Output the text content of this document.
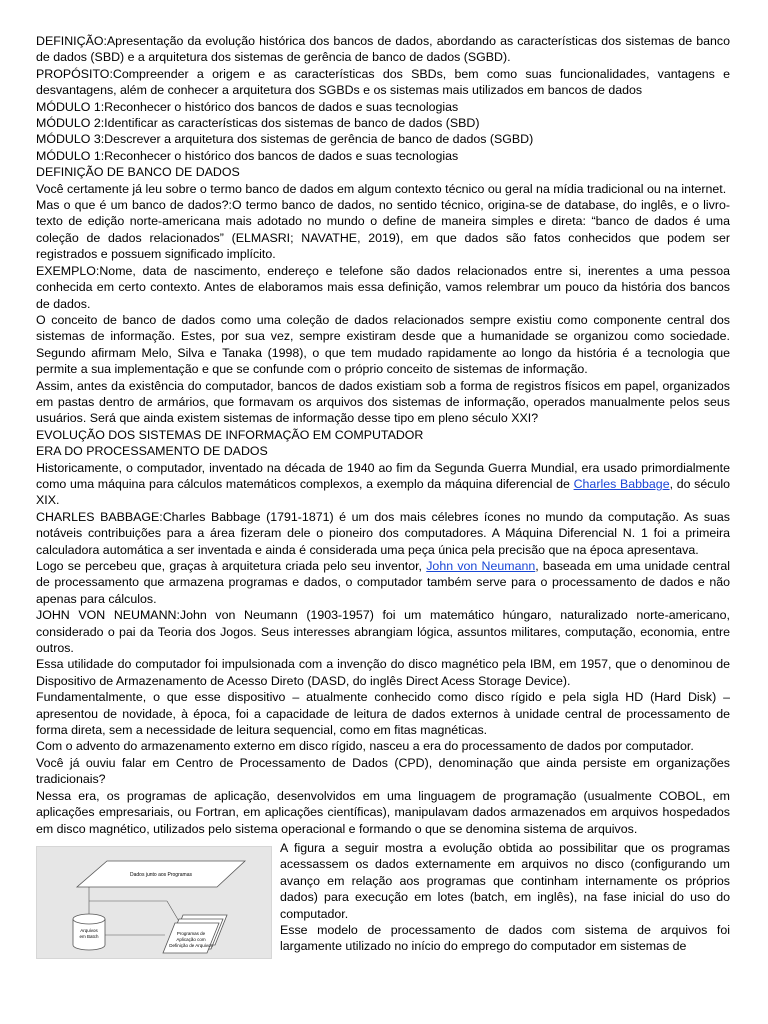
DEFINIÇÃO:Apresentação da evolução histórica dos bancos de dados, abordando as características dos sistemas de banco de dados (SBD) e a arquitetura dos sistemas de gerência de banco de dados (SGBD).

PROPÓSITO:Compreender a origem e as características dos SBDs, bem como suas funcionalidades, vantagens e desvantagens, além de conhecer a arquitetura dos SGBDs e os sistemas mais utilizados em bancos de dados

MÓDULO 1:Reconhecer o histórico dos bancos de dados e suas tecnologias

MÓDULO 2:Identificar as características dos sistemas de banco de dados (SBD)

MÓDULO 3:Descrever a arquitetura dos sistemas de gerência de banco de dados (SGBD)

MÓDULO 1:Reconhecer o histórico dos bancos de dados e suas tecnologias

DEFINIÇÃO DE BANCO DE DADOS

Você certamente já leu sobre o termo banco de dados em algum contexto técnico ou geral na mídia tradicional ou na internet.

Mas o que é um banco de dados?:O termo banco de dados, no sentido técnico, origina-se de database, do inglês, e o livro-texto de edição norte-americana mais adotado no mundo o define de maneira simples e direta: “banco de dados é uma coleção de dados relacionados” (ELMASRI; NAVATHE, 2019), em que dados são fatos conhecidos que podem ser registrados e possuem significado implícito.

EXEMPLO:Nome, data de nascimento, endereço e telefone são dados relacionados entre si, inerentes a uma pessoa conhecida em certo contexto. Antes de elaboramos mais essa definição, vamos relembrar um pouco da história dos bancos de dados.

O conceito de banco de dados como uma coleção de dados relacionados sempre existiu como componente central dos sistemas de informação. Estes, por sua vez, sempre existiram desde que a humanidade se organizou como sociedade. Segundo afirmam Melo, Silva e Tanaka (1998), o que tem mudado rapidamente ao longo da história é a tecnologia que permite a sua implementação e que se confunde com o próprio conceito de sistemas de informação.

Assim, antes da existência do computador, bancos de dados existiam sob a forma de registros físicos em papel, organizados em pastas dentro de armários, que formavam os arquivos dos sistemas de informação, operados manualmente pelos seus usuários. Será que ainda existem sistemas de informação desse tipo em pleno século XXI?

EVOLUÇÃO DOS SISTEMAS DE INFORMAÇÃO EM COMPUTADOR

ERA DO PROCESSAMENTO DE DADOS

Historicamente, o computador, inventado na década de 1940 ao fim da Segunda Guerra Mundial, era usado primordialmente como uma máquina para cálculos matemáticos complexos, a exemplo da máquina diferencial de Charles Babbage, do século XIX.

CHARLES BABBAGE:Charles Babbage (1791-1871) é um dos mais célebres ícones no mundo da computação. As suas notáveis contribuições para a área fizeram dele o pioneiro dos computadores. A Máquina Diferencial N. 1 foi a primeira calculadora automática a ser inventada e ainda é considerada uma peça única pela precisão que na época apresentava.

Logo se percebeu que, graças à arquitetura criada pelo seu inventor, John von Neumann, baseada em uma unidade central de processamento que armazena programas e dados, o computador também serve para o processamento de dados e não apenas para cálculos.

JOHN VON NEUMANN:John von Neumann (1903-1957) foi um matemático húngaro, naturalizado norte-americano, considerado o pai da Teoria dos Jogos. Seus interesses abrangiam lógica, assuntos militares, computação, economia, entre outros.

Essa utilidade do computador foi impulsionada com a invenção do disco magnético pela IBM, em 1957, que o denominou de Dispositivo de Armazenamento de Acesso Direto (DASD, do inglês Direct Acess Storage Device).

Fundamentalmente, o que esse dispositivo – atualmente conhecido como disco rígido e pela sigla HD (Hard Disk) – apresentou de novidade, à época, foi a capacidade de leitura de dados externos à unidade central de processamento de forma direta, sem a necessidade de leitura sequencial, como em fitas magnéticas.

Com o advento do armazenamento externo em disco rígido, nasceu a era do processamento de dados por computador.

Você já ouviu falar em Centro de Processamento de Dados (CPD), denominação que ainda persiste em organizações tradicionais?

Nessa era, os programas de aplicação, desenvolvidos em uma linguagem de programação (usualmente COBOL, em aplicações empresariais, ou Fortran, em aplicações científicas), manipulavam dados armazenados em arquivos hospedados em disco magnético, utilizados pelo sistema operacional e formando o que se denomina sistema de arquivos.

Dados junto aos Programas
Arquivos
em Batch
Programas de
Aplicação com
Definição de Arquivos

A figura a seguir mostra a evolução obtida ao possibilitar que os programas acessassem os dados externamente em arquivos no disco (configurando um avanço em relação aos programas que continham internamente os próprios dados) para execução em lotes (batch, em inglês), na fase inicial do uso do computador.

Esse modelo de processamento de dados com sistema de arquivos foi largamente utilizado no início do emprego do computador em sistemas de
